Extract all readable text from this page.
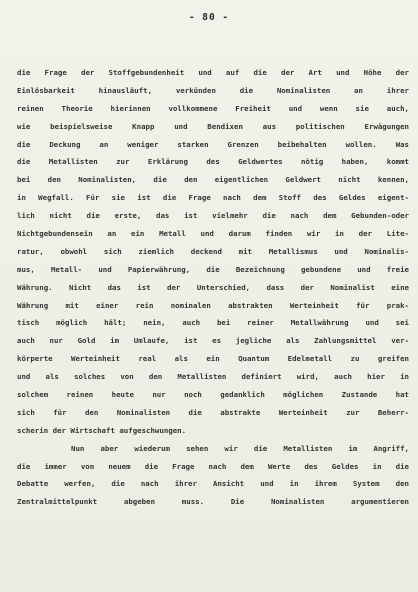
- 80 -
die Frage der Stoffgebundenheit und auf die der Art und Höhe der
Einlösbarkeit hinausläuft, verkünden die Nominalisten an ihrer
reinen Theorie hierinnen vollkommene Freiheit und wenn sie auch,
wie beispielsweise Knapp und Bendixen aus politischen Erwägungen
die Deckung an weniger starken Grenzen beibehalten wollen. Was
die Metallisten zur Erklärung des Geldwertes nötig haben, kommt
bei den Nominalisten, die den eigentlichen Geldwert nicht kennen,
in Wegfall. Für sie ist die Frage nach dem Stoff des Geldes eigent-
lich nicht die erste, das ist vielmehr die nach dem Gebunden-oder
Nichtgebundensein an ein Metall und darum finden wir in der Lite-
ratur, obwohl sich ziemlich deckend mit Metallismus und Nominalis-
mus, Metall- und Papierwährung, die Bezeichnung gebundene und freie
Währung. Nicht das ist der Unterschied, dass der Nominalist eine
Währung mit einer rein nominalen abstrakten Werteinheit für prak-
tisch möglich hält; nein, auch bei reiner Metallwährung und sei
auch nur Gold im Umlaufe, ist es jegliche als Zahlungsmittel ver-
körperte Werteinheit real als ein Quantum Edelmetall zu greifen
und als solches von den Metallisten definiert wird, auch hier in
solchem reinen heute nur noch gedanklich möglichen Zustande hat
sich für den Nominalisten die abstrakte Werteinheit zur Beherr-
scherin der Wirtschaft aufgeschwungen.
Nun aber wiederum sehen wir die Metallisten im Angriff,
die immer von neuem die Frage nach dem Werte des Geldes in die
Debatte werfen, die nach ihrer Ansicht und in ihrem System den
Zentralmittelpunkt abgeben muss. Die Nominalisten argumentieren
